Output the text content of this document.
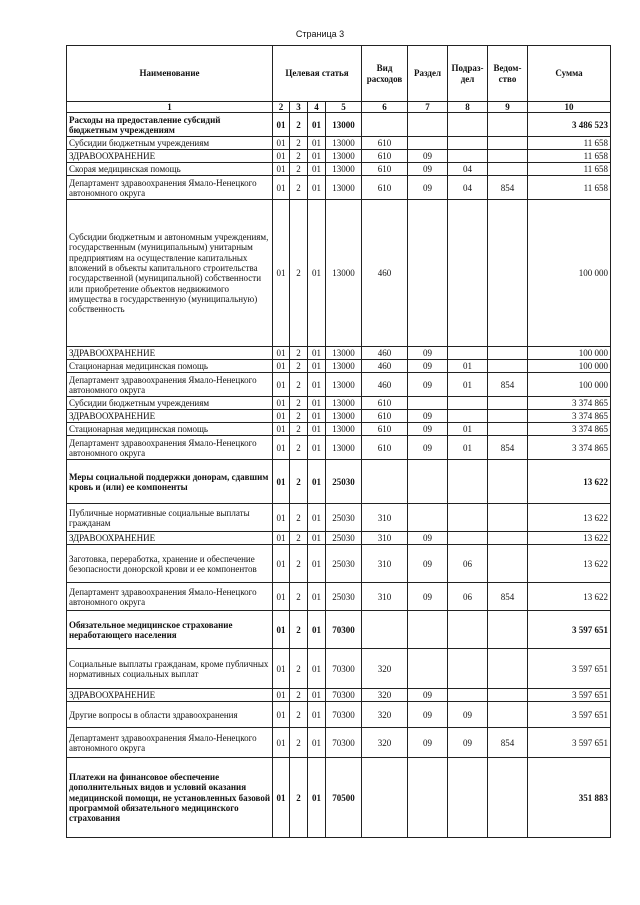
Страница 3
Наименование	Целевая статья				Вид расходов	Раздел	Подраз-дел	Ведом-ство	Сумма
1	2	3	4	5	6	7	8	9	10
Расходы на предоставление субсидий бюджетным учреждениям	01	2	01	13000					3 486 523
Субсидии бюджетным учреждениям	01	2	01	13000	610				11 658
ЗДРАВООХРАНЕНИЕ	01	2	01	13000	610	09			11 658
Скорая медицинская помощь	01	2	01	13000	610	09	04		11 658
Департамент здравоохранения Ямало-Ненецкого автономного округа	01	2	01	13000	610	09	04	854	11 658
Субсидии бюджетным и автономным учреждениям, государственным (муниципальным) унитарным предприятиям на осуществление капитальных вложений в объекты капитального строительства государственной (муниципальной) собственности или приобретение объектов недвижимого имущества в государственную (муниципальную) собственность	01	2	01	13000	460				100 000
ЗДРАВООХРАНЕНИЕ	01	2	01	13000	460	09			100 000
Стационарная медицинская помощь	01	2	01	13000	460	09	01		100 000
Департамент здравоохранения Ямало-Ненецкого автономного округа	01	2	01	13000	460	09	01	854	100 000
Субсидии бюджетным учреждениям	01	2	01	13000	610				3 374 865
ЗДРАВООХРАНЕНИЕ	01	2	01	13000	610	09			3 374 865
Стационарная медицинская помощь	01	2	01	13000	610	09	01		3 374 865
Департамент здравоохранения Ямало-Ненецкого автономного округа	01	2	01	13000	610	09	01	854	3 374 865
Меры социальной поддержки донорам, сдавшим кровь и (или) ее компоненты	01	2	01	25030					13 622
Публичные нормативные социальные выплаты гражданам	01	2	01	25030	310				13 622
ЗДРАВООХРАНЕНИЕ	01	2	01	25030	310	09			13 622
Заготовка, переработка, хранение и обеспечение безопасности донорской крови и ее компонентов	01	2	01	25030	310	09	06		13 622
Департамент здравоохранения Ямало-Ненецкого автономного округа	01	2	01	25030	310	09	06	854	13 622
Обязательное медицинское страхование неработающего населения	01	2	01	70300					3 597 651
Социальные выплаты гражданам, кроме публичных нормативных социальных выплат	01	2	01	70300	320				3 597 651
ЗДРАВООХРАНЕНИЕ	01	2	01	70300	320	09			3 597 651
Другие вопросы в области здравоохранения	01	2	01	70300	320	09	09		3 597 651
Департамент здравоохранения Ямало-Ненецкого автономного округа	01	2	01	70300	320	09	09	854	3 597 651
Платежи на финансовое обеспечение дополнительных видов и условий оказания медицинской помощи, не установленных базовой программой обязательного медицинского страхования	01	2	01	70500					351 883
